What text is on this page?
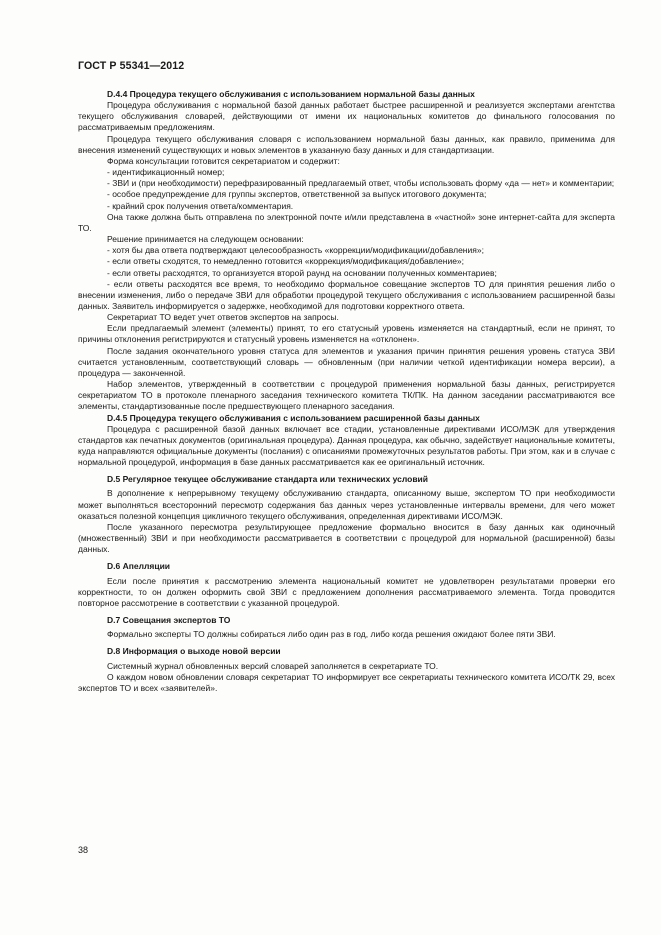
ГОСТ Р 55341—2012

D.4.4 Процедура текущего обслуживания с использованием нормальной базы данных

Процедура обслуживания с нормальной базой данных работает быстрее расширенной и реализуется экспертами агентства текущего обслуживания словарей, действующими от имени их национальных комитетов до финального голосования по рассматриваемым предложениям.

Процедура текущего обслуживания словаря с использованием нормальной базы данных, как правило, применима для внесения изменений существующих и новых элементов в указанную базу данных и для стандартизации.

Форма консультации готовится секретариатом и содержит:

- идентификационный номер;

- ЗВИ и (при необходимости) перефразированный предлагаемый ответ, чтобы использовать форму «да — нет» и комментарии;

- особое предупреждение для группы экспертов, ответственной за выпуск итогового документа;

- крайний срок получения ответа/комментария.

Она также должна быть отправлена по электронной почте и/или представлена в «частной» зоне интернет-сайта для эксперта ТО.

Решение принимается на следующем основании:

- хотя бы два ответа подтверждают целесообразность «коррекции/модификации/добавления»;

- если ответы сходятся, то немедленно готовится «коррекция/модификация/добавление»;

- если ответы расходятся, то организуется второй раунд на основании полученных комментариев;

- если ответы расходятся все время, то необходимо формальное совещание экспертов ТО для принятия решения либо о внесении изменения, либо о передаче ЗВИ для обработки процедурой текущего обслуживания с использованием расширенной базы данных. Заявитель информируется о задержке, необходимой для подготовки корректного ответа.

Секретариат ТО ведет учет ответов экспертов на запросы.

Если предлагаемый элемент (элементы) принят, то его статусный уровень изменяется на стандартный, если не принят, то причины отклонения регистрируются и статусный уровень изменяется на «отклонен».

После задания окончательного уровня статуса для элементов и указания причин принятия решения уровень статуса ЗВИ считается установленным, соответствующий словарь — обновленным (при наличии четкой идентификации номера версии), а процедура — законченной.

Набор элементов, утвержденный в соответствии с процедурой применения нормальной базы данных, регистрируется секретариатом ТО в протоколе пленарного заседания технического комитета ТК/ПК. На данном заседании рассматриваются все элементы, стандартизованные после предшествующего пленарного заседания.

D.4.5 Процедура текущего обслуживания с использованием расширенной базы данных

Процедура с расширенной базой данных включает все стадии, установленные директивами ИСО/МЭК для утверждения стандартов как печатных документов (оригинальная процедура). Данная процедура, как обычно, задействует национальные комитеты, куда направляются официальные документы (послания) с описаниями промежуточных результатов работы. При этом, как и в случае с нормальной процедурой, информация в базе данных рассматривается как ее оригинальный источник.

D.5 Регулярное текущее обслуживание стандарта или технических условий

В дополнение к непрерывному текущему обслуживанию стандарта, описанному выше, экспертом ТО при необходимости может выполняться всесторонний пересмотр содержания баз данных через установленные интервалы времени, для чего может оказаться полезной концепция цикличного текущего обслуживания, определенная директивами ИСО/МЭК.

После указанного пересмотра результирующее предложение формально вносится в базу данных как одиночный (множественный) ЗВИ и при необходимости рассматривается в соответствии с процедурой для нормальной (расширенной) базы данных.

D.6 Апелляции

Если после принятия к рассмотрению элемента национальный комитет не удовлетворен результатами проверки его корректности, то он должен оформить свой ЗВИ с предложением дополнения рассматриваемого элемента. Тогда проводится повторное рассмотрение в соответствии с указанной процедурой.

D.7 Совещания экспертов ТО

Формально эксперты ТО должны собираться либо один раз в год, либо когда решения ожидают более пяти ЗВИ.

D.8 Информация о выходе новой версии

Системный журнал обновленных версий словарей заполняется в секретариате ТО.

О каждом новом обновлении словаря секретариат ТО информирует все секретариаты технического комитета ИСО/ТК 29, всех экспертов ТО и всех «заявителей».

38
